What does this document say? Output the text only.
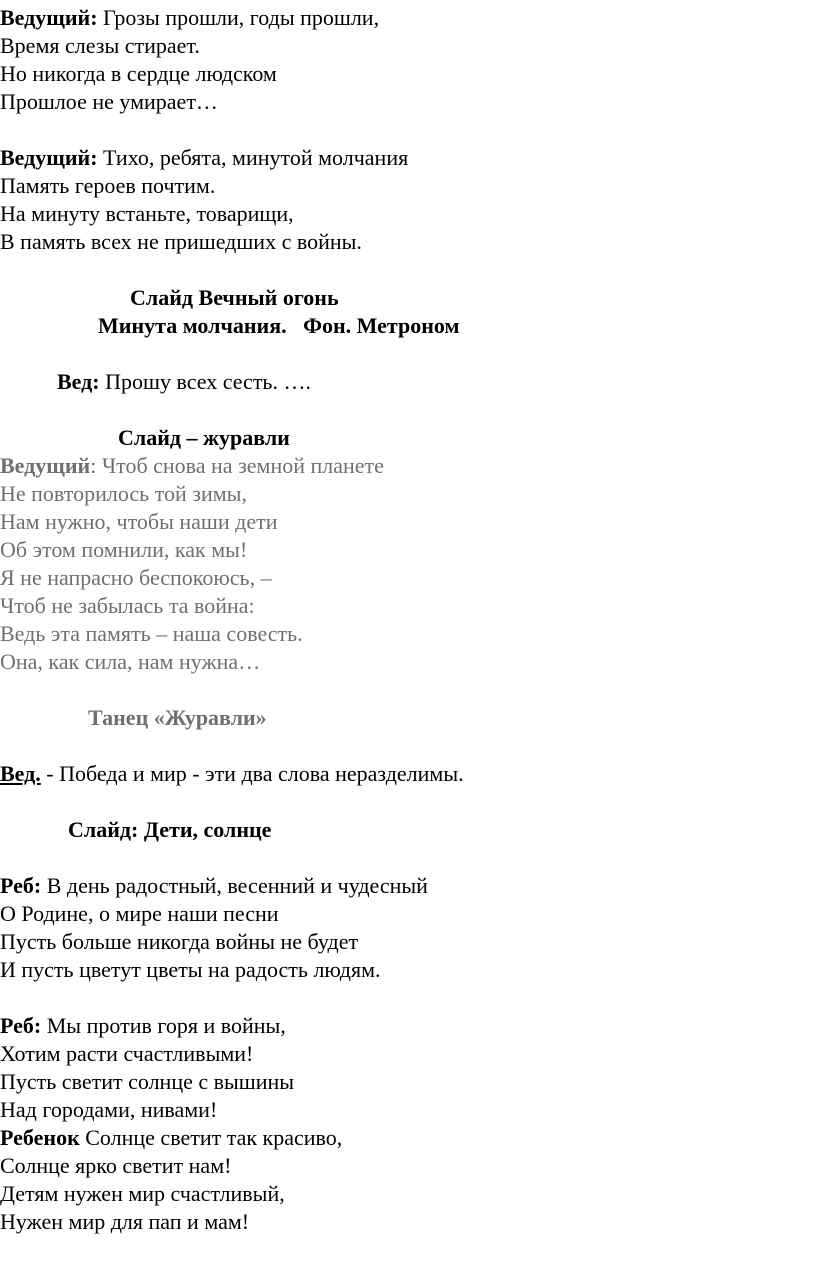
Ведущий: Грозы прошли, годы прошли,
Время слезы стирает.
Но никогда в сердце людском
Прошлое не умирает…
Ведущий: Тихо, ребята, минутой молчания
Память героев почтим.
На минуту встаньте, товарищи,
В память всех не пришедших с войны.
Слайд Вечный огонь
Минута молчания.   Фон. Метроном
Вед: Прошу всех сесть. ….
Слайд – журавли
Ведущий: Чтоб снова на земной планете
Не повторилось той зимы,
Нам нужно, чтобы наши дети
Об этом помнили, как мы!
Я не напрасно беспокоюсь, –
Чтоб не забылась та война:
Ведь эта память – наша совесть.
Она, как сила, нам нужна…
Танец «Журавли»
Вед. - Победа и мир - эти два слова неразделимы.
Слайд: Дети, солнце
Реб: В день радостный, весенний и чудесный
О Родине, о мире наши песни
Пусть больше никогда войны не будет
И пусть цветут цветы на радость людям.
Реб: Мы против горя и войны,
Хотим расти счастливыми!
Пусть светит солнце с вышины
Над городами, нивами!
Ребенок Солнце светит так красиво,
Солнце ярко светит нам!
Детям нужен мир счастливый,
Нужен мир для пап и мам!
